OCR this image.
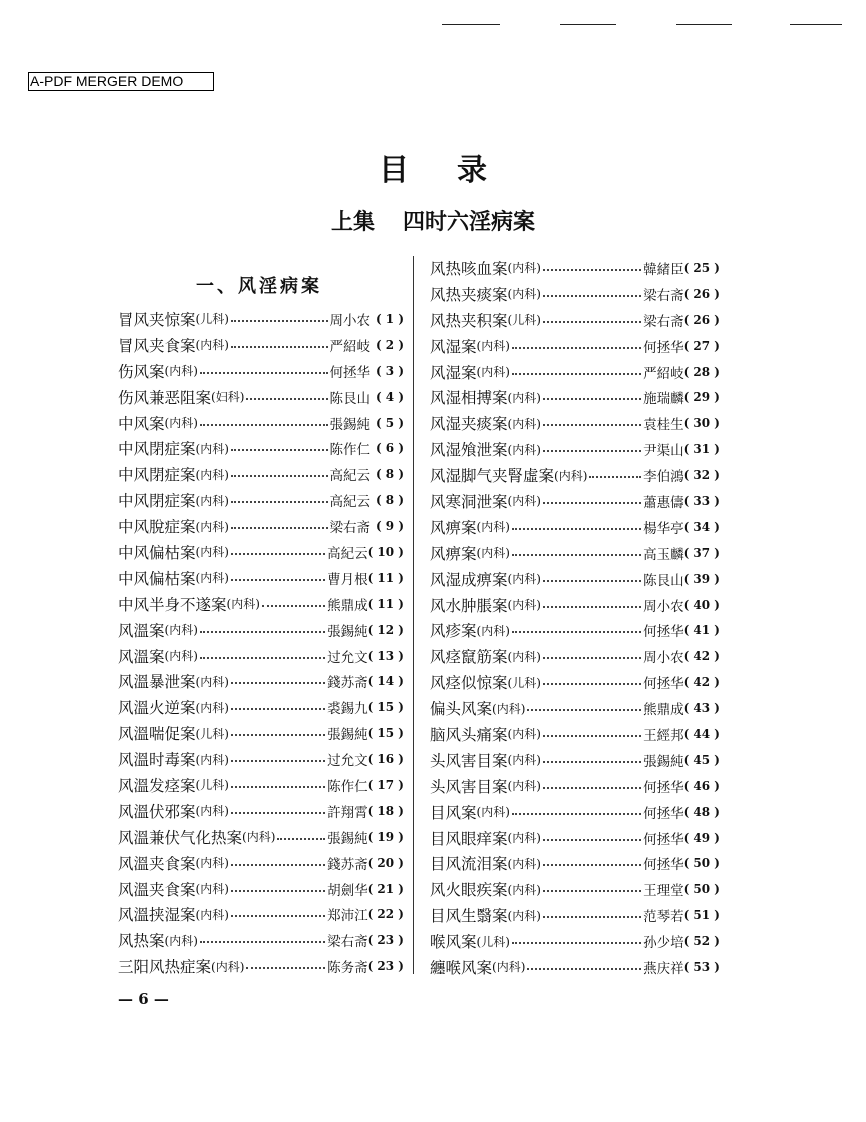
A-PDF MERGER DEMO
目录
上集 四时六淫病案
一、风淫病案
冒风夹惊案 (儿科)	周小农 ( 1 )
冒风夹食案 (内科)	严紹岐 ( 2 )
伤风案 (内科)	何拯华 ( 3 )
伤风兼恶阻案 (妇科)	陈艮山 ( 4 )
中风案 (内科)	張錫純 ( 5 )
中风閉症案 (内科)	陈作仁 ( 6 )
中风閉症案 (内科)	高紀云 ( 8 )
中风閉症案 (内科)	高紀云 ( 8 )
中风脫症案 (内科)	梁右斋 ( 9 )
中风偏枯案 (内科)	高紀云 ( 10 )
中风偏枯案 (内科)	曹月根 ( 11 )
中风半身不遂案 (内科)	熊鼎成 ( 11 )
风溫案 (内科)	張錫純 ( 12 )
风溫案 (内科)	过允文 ( 13 )
风溫暴泄案 (内科)	錢苏斋 ( 14 )
风溫火逆案 (内科)	裘錫九 ( 15 )
风溫喘促案 (儿科)	張錫純 ( 15 )
风溫时毒案 (内科)	过允文 ( 16 )
风溫发痉案 (儿科)	陈作仁 ( 17 )
风溫伏邪案 (内科)	許翔霄 ( 18 )
风溫兼伏气化热案 (内科)	張錫純 ( 19 )
风溫夹食案 (内科)	錢苏斋 ( 20 )
风溫夹食案 (内科)	胡劍华 ( 21 )
风溫挟湿案 (内科)	郑沛江 ( 22 )
风热案 (内科)	梁右斋 ( 23 )
三阳风热症案 (内科)	陈务斋 ( 23 )
风热咳血案 (内科)	韓緒臣 ( 25 )
风热夹痰案 (内科)	梁右斋 ( 26 )
风热夹积案 (儿科)	梁右斋 ( 26 )
风湿案 (内科)	何拯华 ( 27 )
风湿案 (内科)	严紹岐 ( 28 )
风湿相搏案 (内科)	施瑞麟 ( 29 )
风湿夹痰案 (内科)	袁桂生 ( 30 )
风湿飧泄案 (内科)	尹渠山 ( 31 )
风湿脚气夹腎虛案 (内科)	李伯鴻 ( 32 )
风寒洞泄案 (内科)	蕭惠儔 ( 33 )
风痹案 (内科)	楊华亭 ( 34 )
风痹案 (内科)	高玉麟 ( 37 )
风湿成痹案 (内科)	陈艮山 ( 39 )
风水肿脹案 (内科)	周小农 ( 40 )
风疹案 (内科)	何拯华 ( 41 )
风痉竄筋案 (内科)	周小农 ( 42 )
风痉似惊案 (儿科)	何拯华 ( 42 )
偏头风案 (内科)	熊鼎成 ( 43 )
脑风头痛案 (内科)	王經邦 ( 44 )
头风害目案 (内科)	張錫純 ( 45 )
头风害目案 (内科)	何拯华 ( 46 )
目风案 (内科)	何拯华 ( 48 )
目风眼痒案 (内科)	何拯华 ( 49 )
目风流泪案 (内科)	何拯华 ( 50 )
风火眼疾案 (内科)	王理堂 ( 50 )
目风生翳案 (内科)	范琴若 ( 51 )
喉风案 (儿科)	孙少培 ( 52 )
纏喉风案 (内科)	燕庆祥 ( 53 )
— 6 —
